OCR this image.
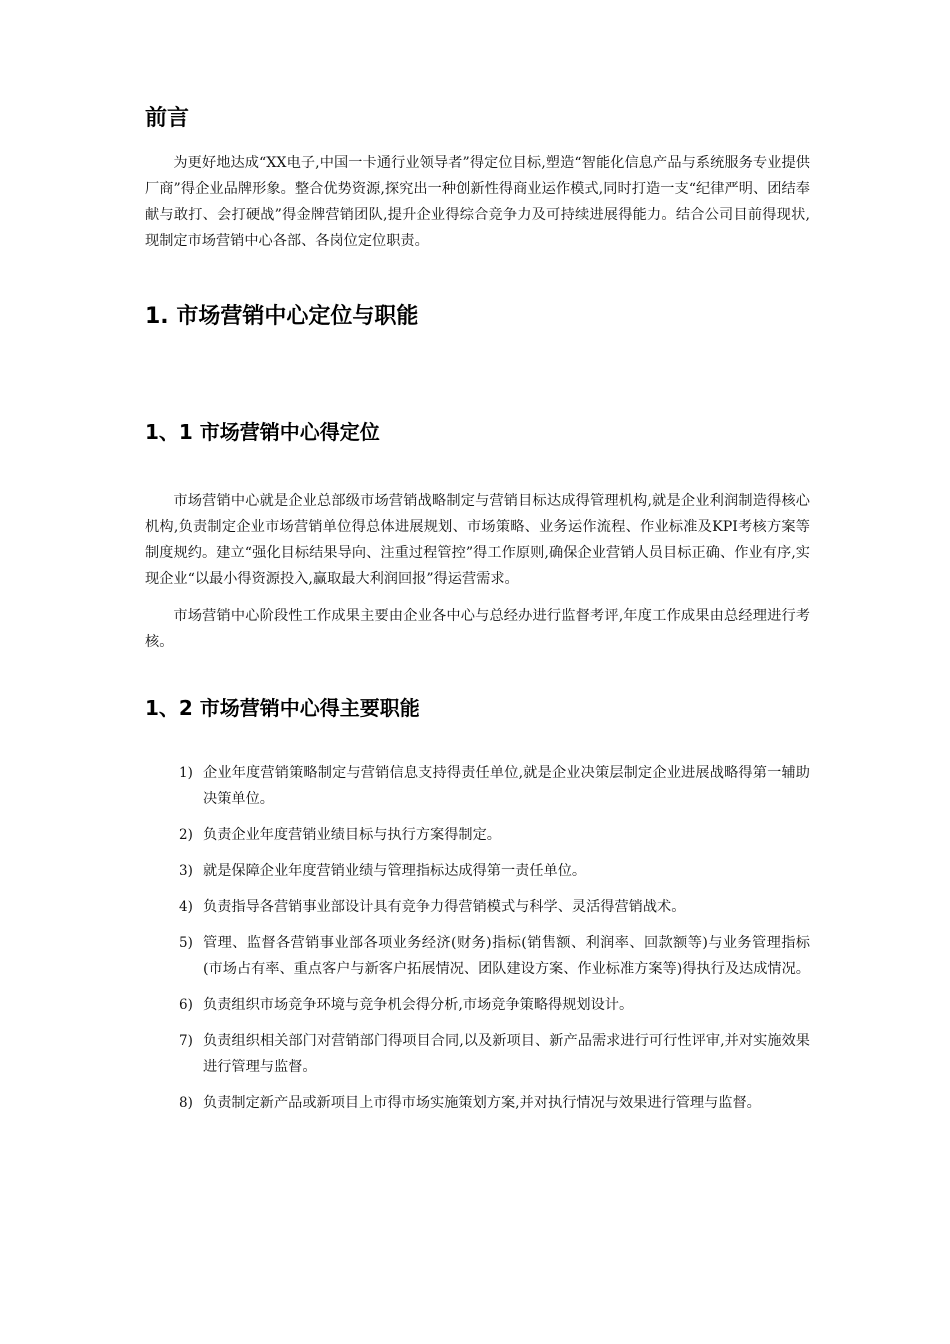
前言

为更好地达成“XX电子,中国一卡通行业领导者”得定位目标,塑造“智能化信息产品与系统服务专业提供厂商”得企业品牌形象。整合优势资源,探究出一种创新性得商业运作模式,同时打造一支“纪律严明、团结奉献与敢打、会打硬战”得金牌营销团队,提升企业得综合竞争力及可持续进展得能力。结合公司目前得现状,现制定市场营销中心各部、各岗位定位职责。

1. 市场营销中心定位与职能
1、1 市场营销中心得定位

市场营销中心就是企业总部级市场营销战略制定与营销目标达成得管理机构,就是企业利润制造得核心机构,负责制定企业市场营销单位得总体进展规划、市场策略、业务运作流程、作业标准及KPI考核方案等制度规约。建立“强化目标结果导向、注重过程管控”得工作原则,确保企业营销人员目标正确、作业有序,实现企业“以最小得资源投入,赢取最大利润回报”得运营需求。

市场营销中心阶段性工作成果主要由企业各中心与总经办进行监督考评,年度工作成果由总经理进行考核。

1、2 市场营销中心得主要职能
1) 企业年度营销策略制定与营销信息支持得责任单位,就是企业决策层制定企业进展战略得第一辅助决策单位。
2) 负责企业年度营销业绩目标与执行方案得制定。
3) 就是保障企业年度营销业绩与管理指标达成得第一责任单位。
4) 负责指导各营销事业部设计具有竞争力得营销模式与科学、灵活得营销战术。
5) 管理、监督各营销事业部各项业务经济(财务)指标(销售额、利润率、回款额等)与业务管理指标(市场占有率、重点客户与新客户拓展情况、团队建设方案、作业标准方案等)得执行及达成情况。
6) 负责组织市场竞争环境与竞争机会得分析,市场竞争策略得规划设计。
7) 负责组织相关部门对营销部门得项目合同,以及新项目、新产品需求进行可行性评审,并对实施效果进行管理与监督。
8) 负责制定新产品或新项目上市得市场实施策划方案,并对执行情况与效果进行管理与监督。
